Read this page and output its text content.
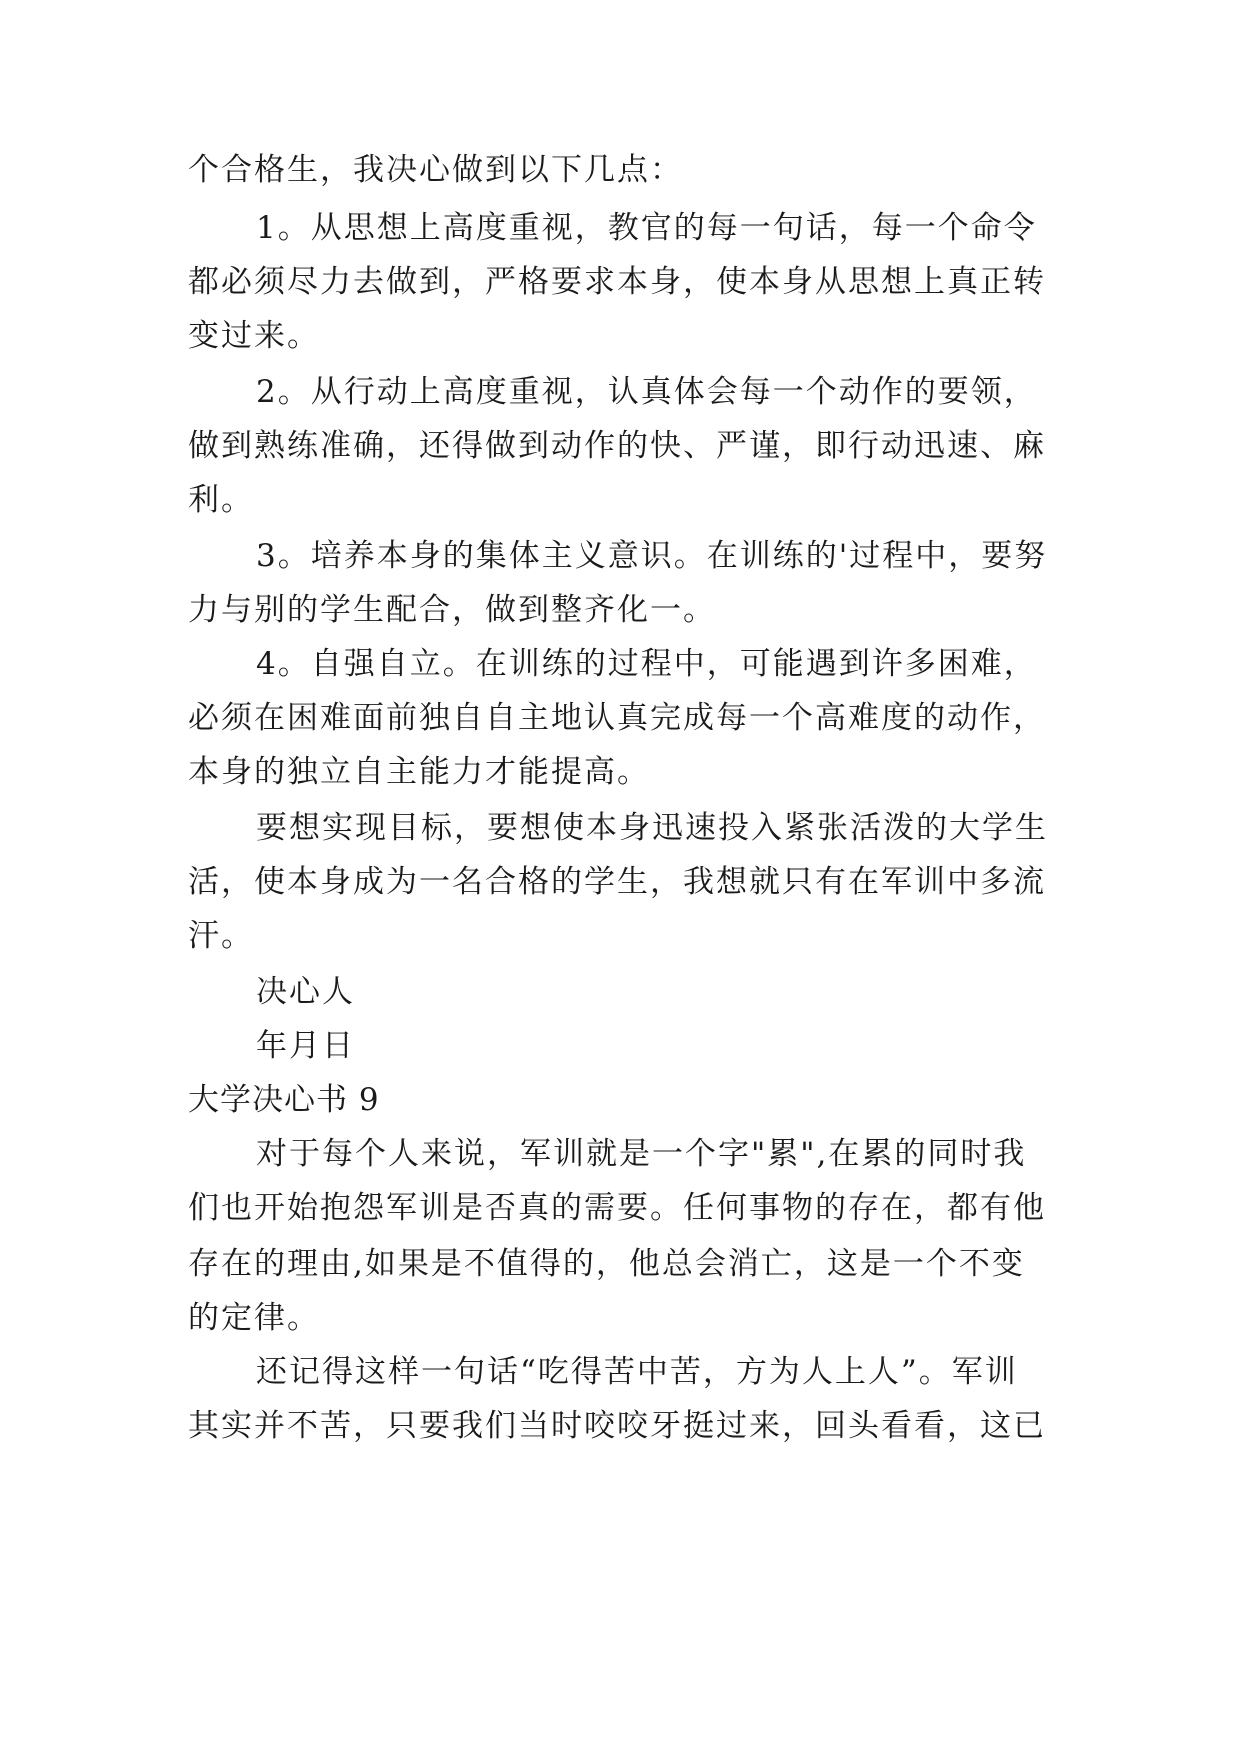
个合格生，我决心做到以下几点：
1。从思想上高度重视，教官的每一句话，每一个命令
都必须尽力去做到，严格要求本身，使本身从思想上真正转
变过来。
2。从行动上高度重视，认真体会每一个动作的要领，
做到熟练准确，还得做到动作的快、严谨，即行动迅速、麻
利。
3。培养本身的集体主义意识。在训练的'过程中，要努
力与别的学生配合，做到整齐化一。
4。自强自立。在训练的过程中，可能遇到许多困难，
必须在困难面前独自自主地认真完成每一个高难度的动作，
本身的独立自主能力才能提高。
要想实现目标，要想使本身迅速投入紧张活泼的大学生
活，使本身成为一名合格的学生，我想就只有在军训中多流
汗。
决心人
年月日
大学决心书 9
对于每个人来说，军训就是一个字"累",在累的同时我
们也开始抱怨军训是否真的需要。任何事物的存在，都有他
存在的理由,如果是不值得的，他总会消亡，这是一个不变
的定律。
还记得这样一句话“吃得苦中苦，方为人上人”。军训
其实并不苦，只要我们当时咬咬牙挺过来，回头看看，这已
